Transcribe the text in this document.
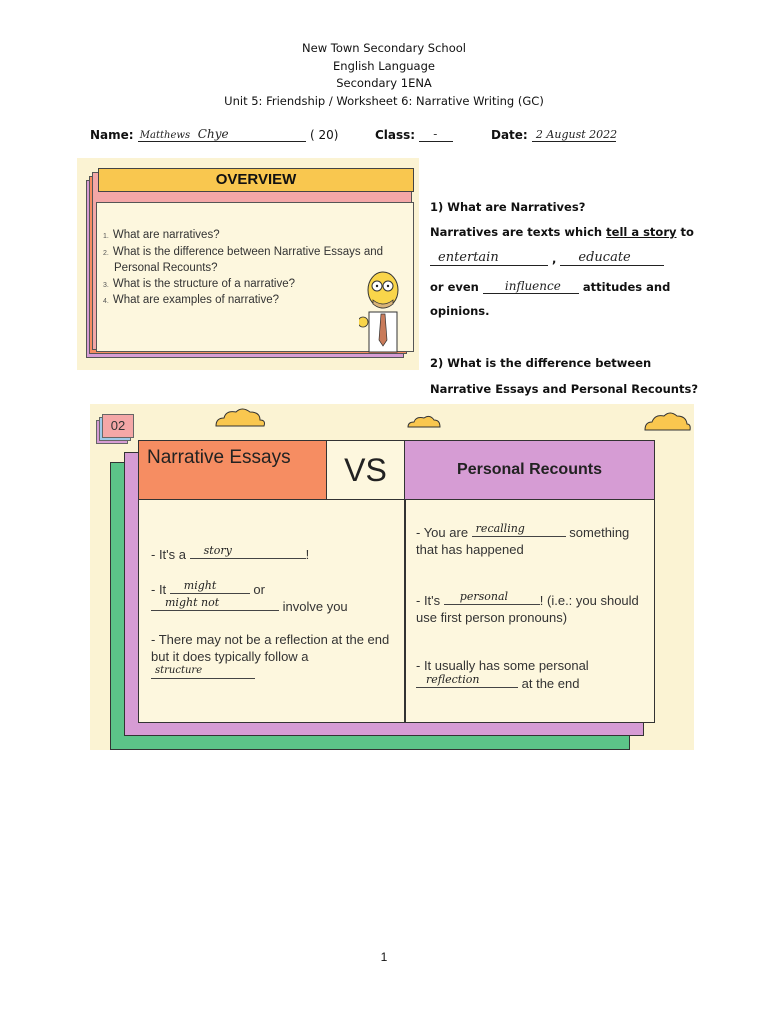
New Town Secondary School
English Language
Secondary 1ENA
Unit 5: Friendship / Worksheet 6: Narrative Writing (GC)
Name: Matthews Chye	( 20)	Class: -	Date: 2 August 2022
OVERVIEW
1. What are narratives?
2. What is the difference between Narrative Essays and Personal Recounts?
3. What is the structure of a narrative?
4. What are examples of narrative?
1) What are Narratives?
Narratives are texts which tell a story to
entertain	, educate
or even influence attitudes and
opinions.
2) What is the difference between
Narrative Essays and Personal Recounts?
02
Narrative Essays	VS	Personal Recounts
- It's a story	!
- It might	or
might not	involve you
- There may not be a reflection at the end but it does typically follow a
structure
- You are recalling	something that has happened
- It's personal ! (i.e.: you should use first person pronouns)
- It usually has some personal
reflection	at the end
1
